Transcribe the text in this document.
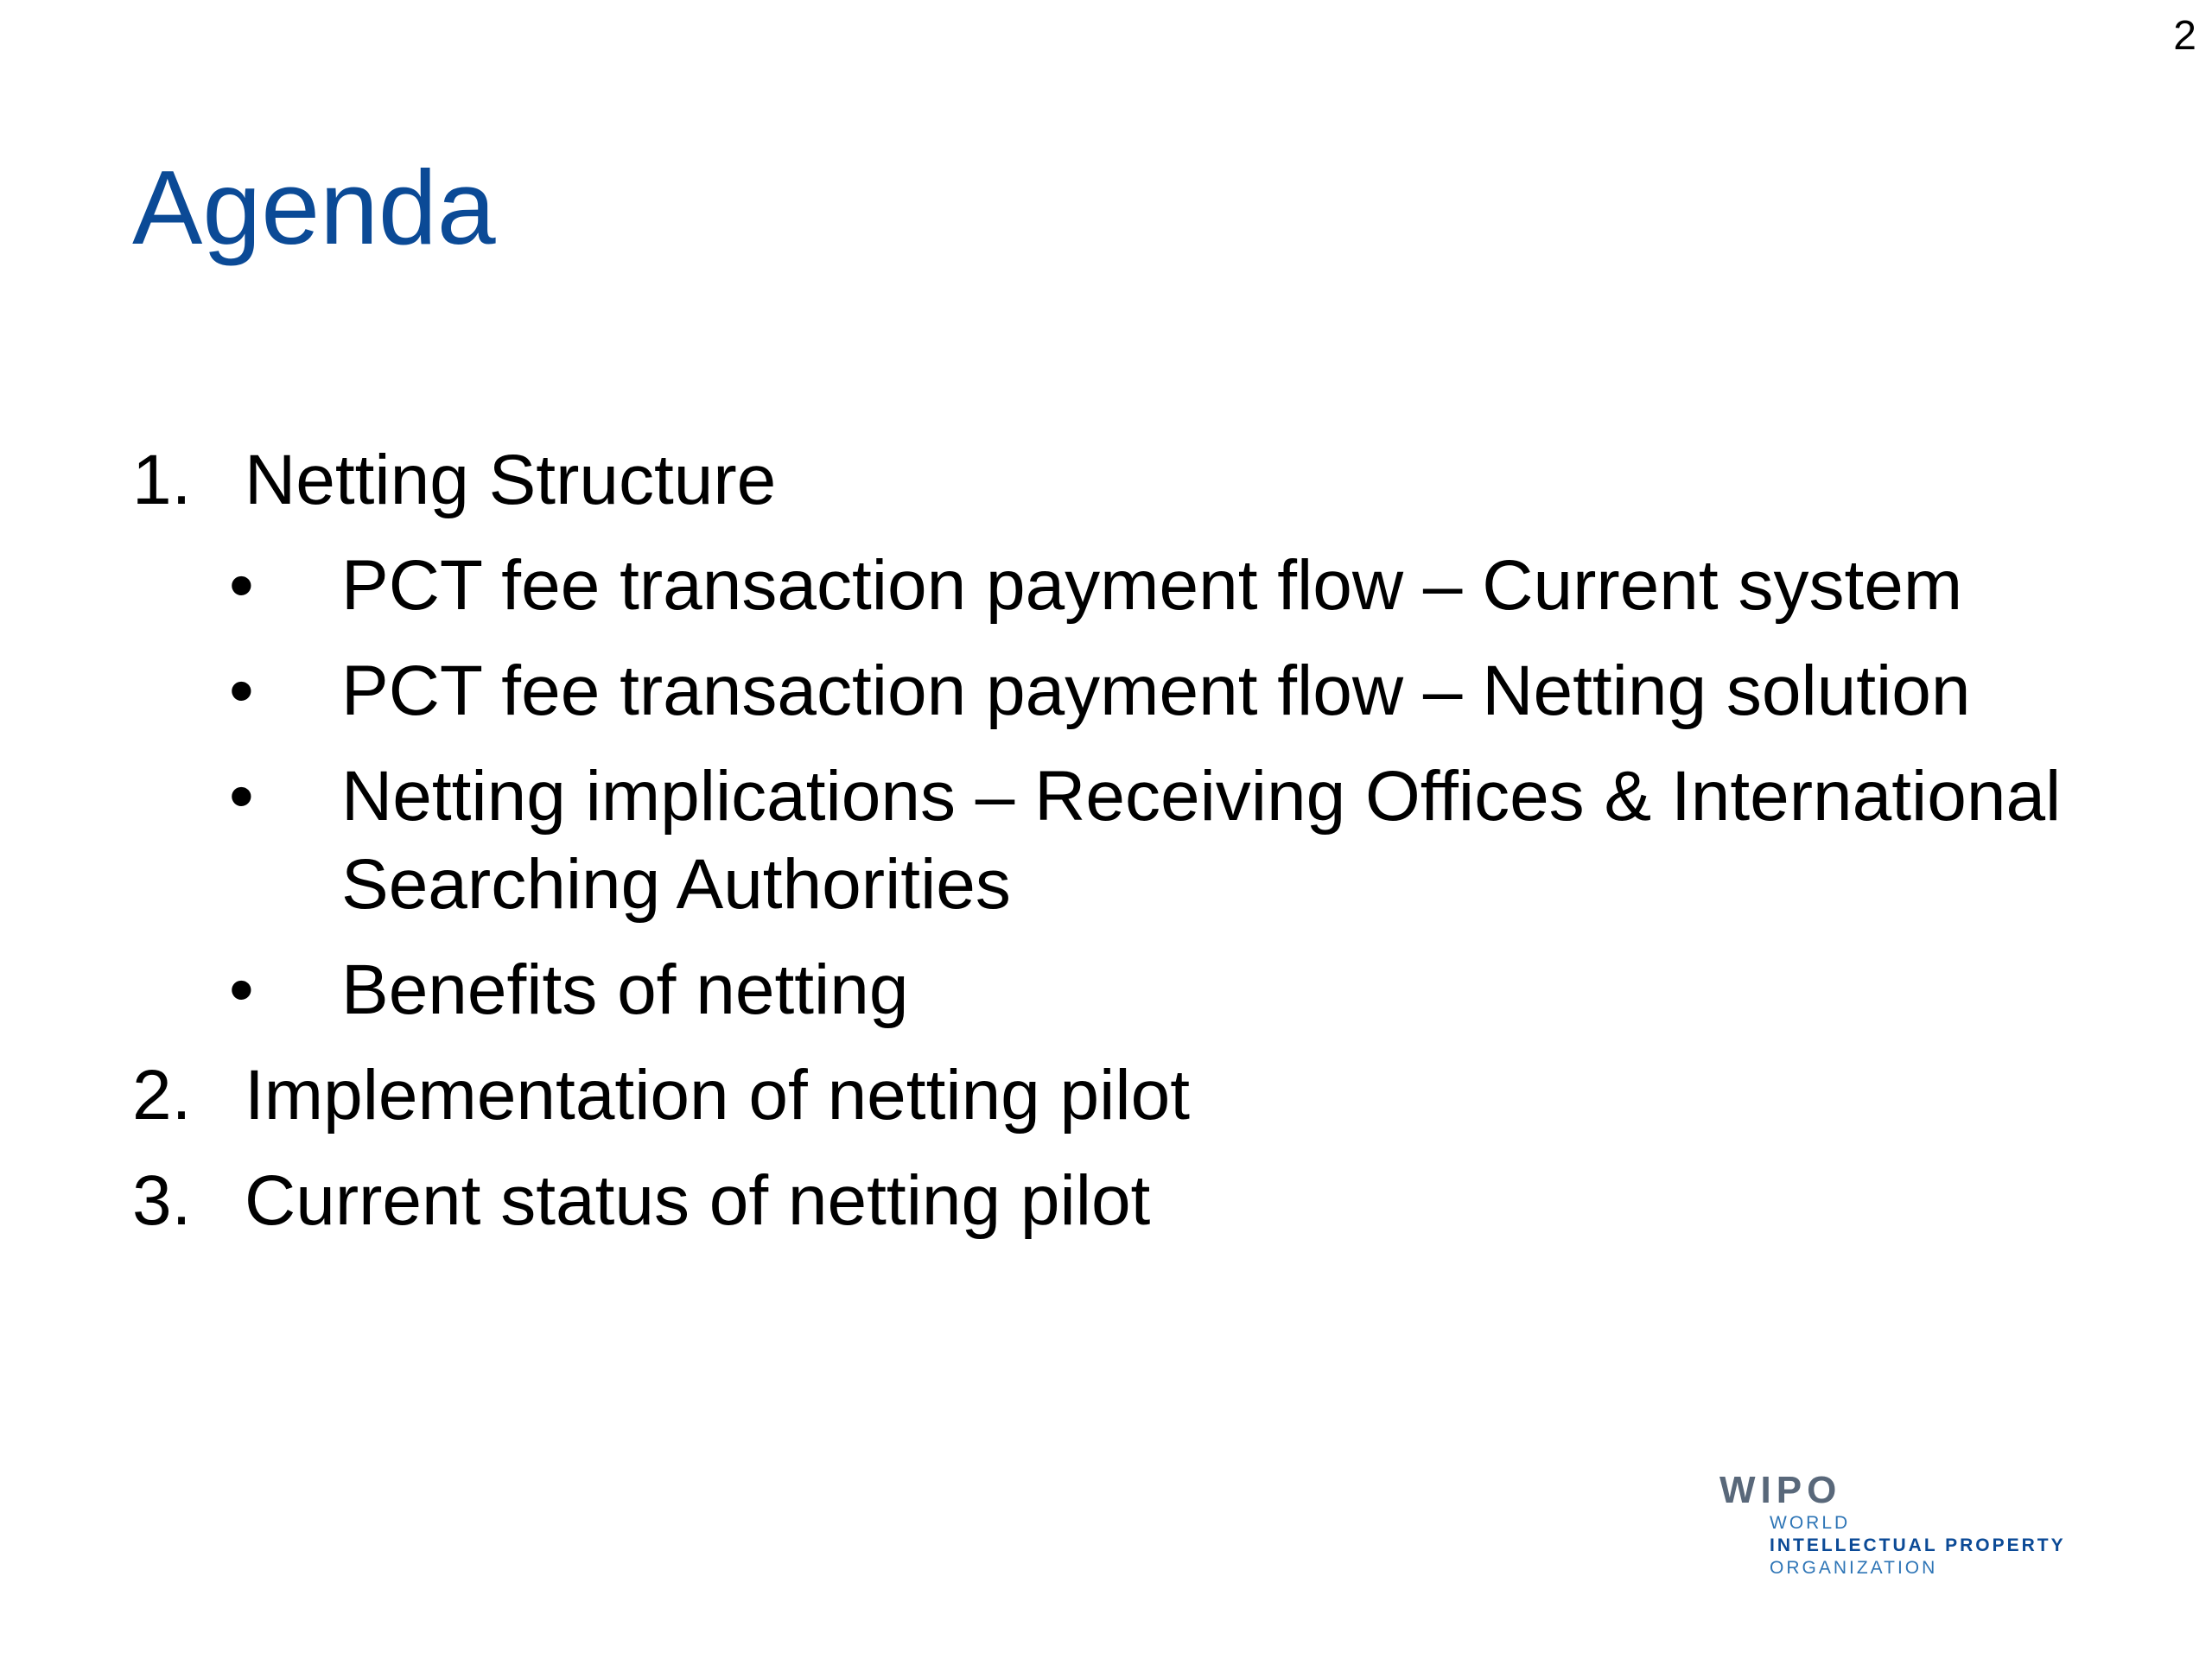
2
Agenda
1. Netting Structure
• PCT fee transaction payment flow – Current system
• PCT fee transaction payment flow – Netting solution
• Netting implications – Receiving Offices & International Searching Authorities
• Benefits of netting
2. Implementation of netting pilot
3. Current status of netting pilot
WIPO
WORLD
INTELLECTUAL PROPERTY
ORGANIZATION
